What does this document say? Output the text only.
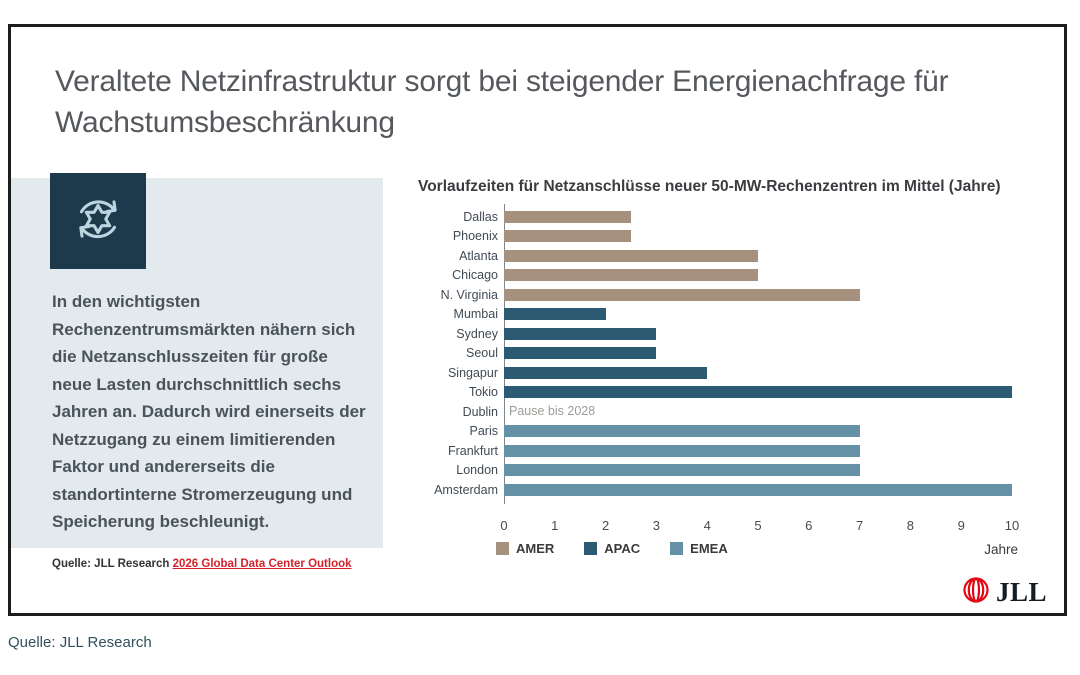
Veraltete Netzinfrastruktur sorgt bei steigender Energienachfrage für Wachstumsbeschränkung
In den wichtigsten Rechenzentrumsmärkten nähern sich die Netzanschlusszeiten für große neue Lasten durchschnittlich sechs Jahren an. Dadurch wird einerseits der Netzzugang zu einem limitierenden Faktor und andererseits die standortinterne Stromerzeugung und Speicherung beschleunigt.
Quelle: JLL Research 2026 Global Data Center Outlook
Vorlaufzeiten für Netzanschlüsse neuer 50-MW-Rechenzentren im Mittel (Jahre)
Dallas
Phoenix
Atlanta
Chicago
N. Virginia
Mumbai
Sydney
Seoul
Singapur
Tokio
Dublin Pause bis 2028
Paris
Frankfurt
London
Amsterdam
0	1	2	3	4	5	6	7	8	9	10
AMER	APAC	EMEA	Jahre
JLL
Quelle: JLL Research
